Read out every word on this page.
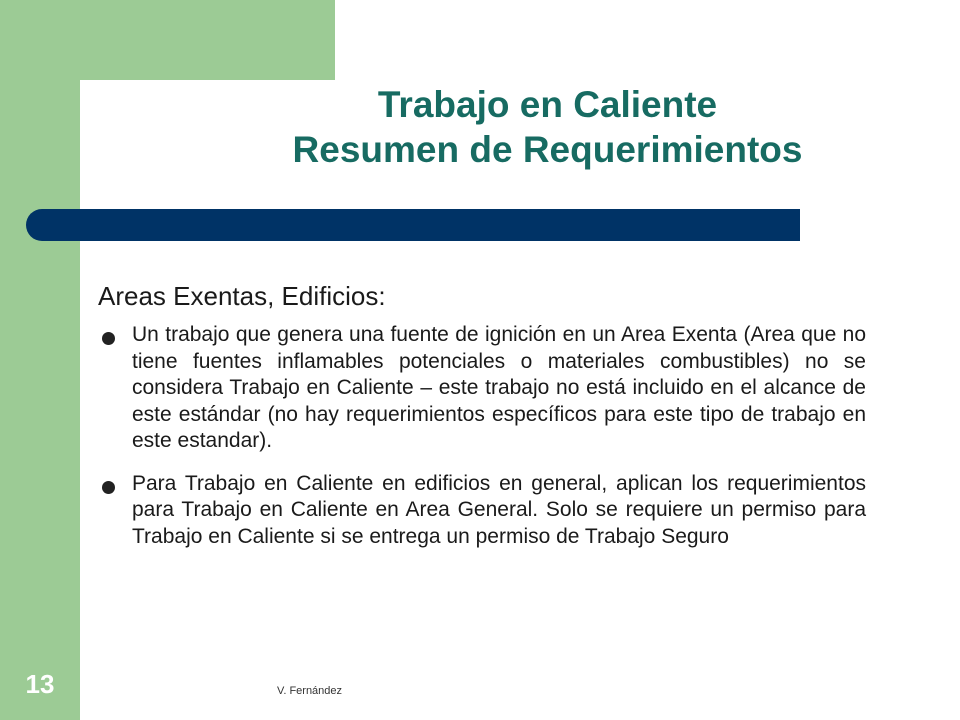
Trabajo en Caliente
Resumen de Requerimientos
Areas Exentas, Edificios:
Un trabajo que genera una fuente de ignición en un Area Exenta (Area que no tiene fuentes inflamables potenciales o materiales combustibles) no se considera Trabajo en Caliente – este trabajo no está incluido en el alcance de este estándar (no hay requerimientos específicos para este tipo de trabajo en este estandar).
Para Trabajo en Caliente en edificios en general, aplican los requerimientos para Trabajo en Caliente en Area General. Solo se requiere un permiso para Trabajo en Caliente si se entrega un permiso de Trabajo Seguro
13	V. Fernández
